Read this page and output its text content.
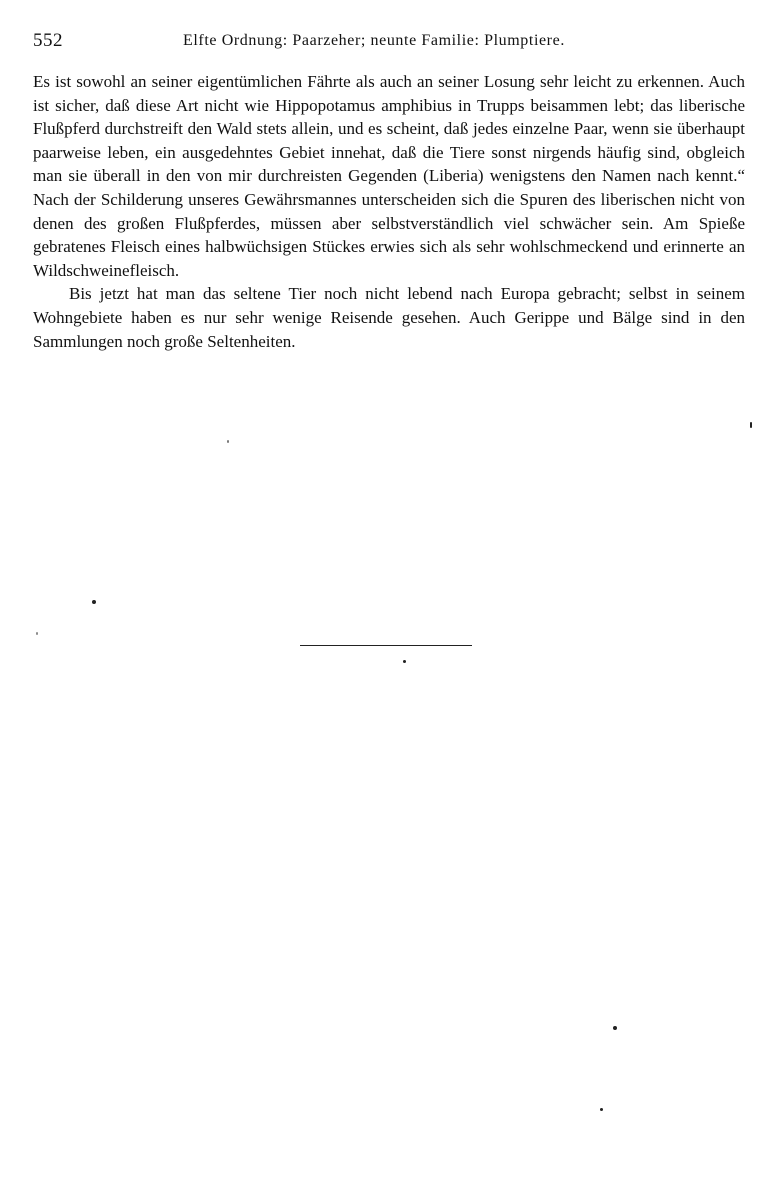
552	Elfte Ordnung: Paarzeher; neunte Familie: Plumptiere.

Es ist sowohl an seiner eigentümlichen Fährte als auch an seiner Losung sehr leicht zu erkennen. Auch ist sicher, daß diese Art nicht wie Hippopotamus amphibius in Trupps beisammen lebt; das liberische Flußpferd durchstreift den Wald stets allein, und es scheint, daß jedes einzelne Paar, wenn sie überhaupt paarweise leben, ein ausgedehntes Gebiet innehat, daß die Tiere sonst nirgends häufig sind, obgleich man sie überall in den von mir durchreisten Gegenden (Liberia) wenigstens den Namen nach kennt.“ Nach der Schilderung unseres Gewährsmannes unterscheiden sich die Spuren des liberischen nicht von denen des großen Flußpferdes, müssen aber selbstverständlich viel schwächer sein. Am Spieße gebratenes Fleisch eines halbwüchsigen Stückes erwies sich als sehr wohlschmeckend und erinnerte an Wildschweinefleisch.

Bis jetzt hat man das seltene Tier noch nicht lebend nach Europa gebracht; selbst in seinem Wohngebiete haben es nur sehr wenige Reisende gesehen. Auch Gerippe und Bälge sind in den Sammlungen noch große Seltenheiten.
